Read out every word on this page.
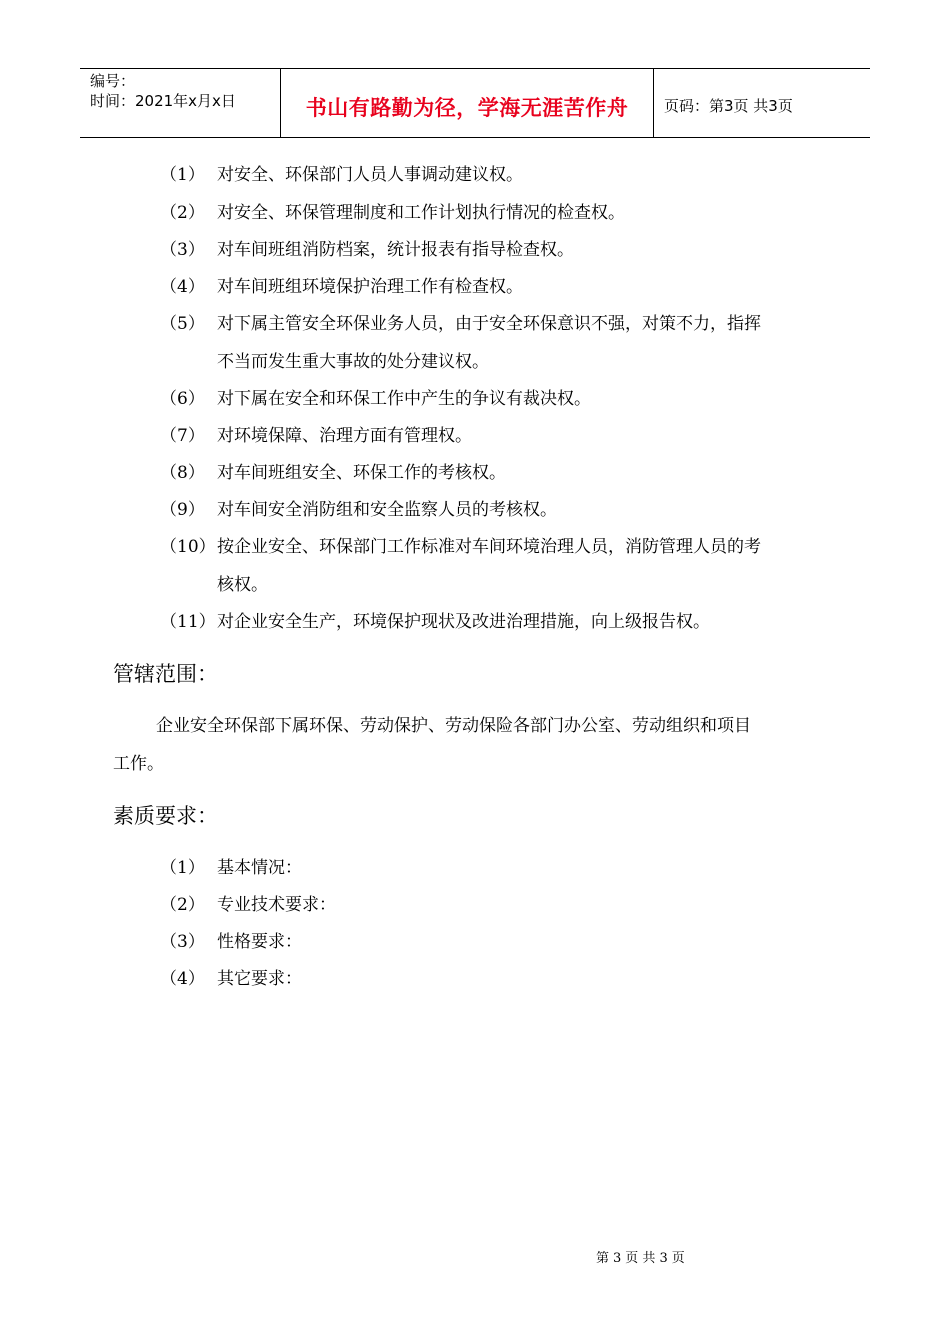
编号：
时间：2021年x月x日	书山有路勤为径，学海无涯苦作舟	页码：第3页 共3页
（1） 对安全、环保部门人员人事调动建议权。
（2） 对安全、环保管理制度和工作计划执行情况的检查权。
（3） 对车间班组消防档案，统计报表有指导检查权。
（4） 对车间班组环境保护治理工作有检查权。
（5） 对下属主管安全环保业务人员，由于安全环保意识不强，对策不力，指挥
不当而发生重大事故的处分建议权。
（6） 对下属在安全和环保工作中产生的争议有裁决权。
（7） 对环境保障、治理方面有管理权。
（8） 对车间班组安全、环保工作的考核权。
（9） 对车间安全消防组和安全监察人员的考核权。
（10）按企业安全、环保部门工作标准对车间环境治理人员，消防管理人员的考
核权。
（11）对企业安全生产，环境保护现状及改进治理措施，向上级报告权。
管辖范围：
企业安全环保部下属环保、劳动保护、劳动保险各部门办公室、劳动组织和项目
工作。
素质要求：
（1） 基本情况：
（2） 专业技术要求：
（3） 性格要求：
（4） 其它要求：
第 3 页 共 3 页
